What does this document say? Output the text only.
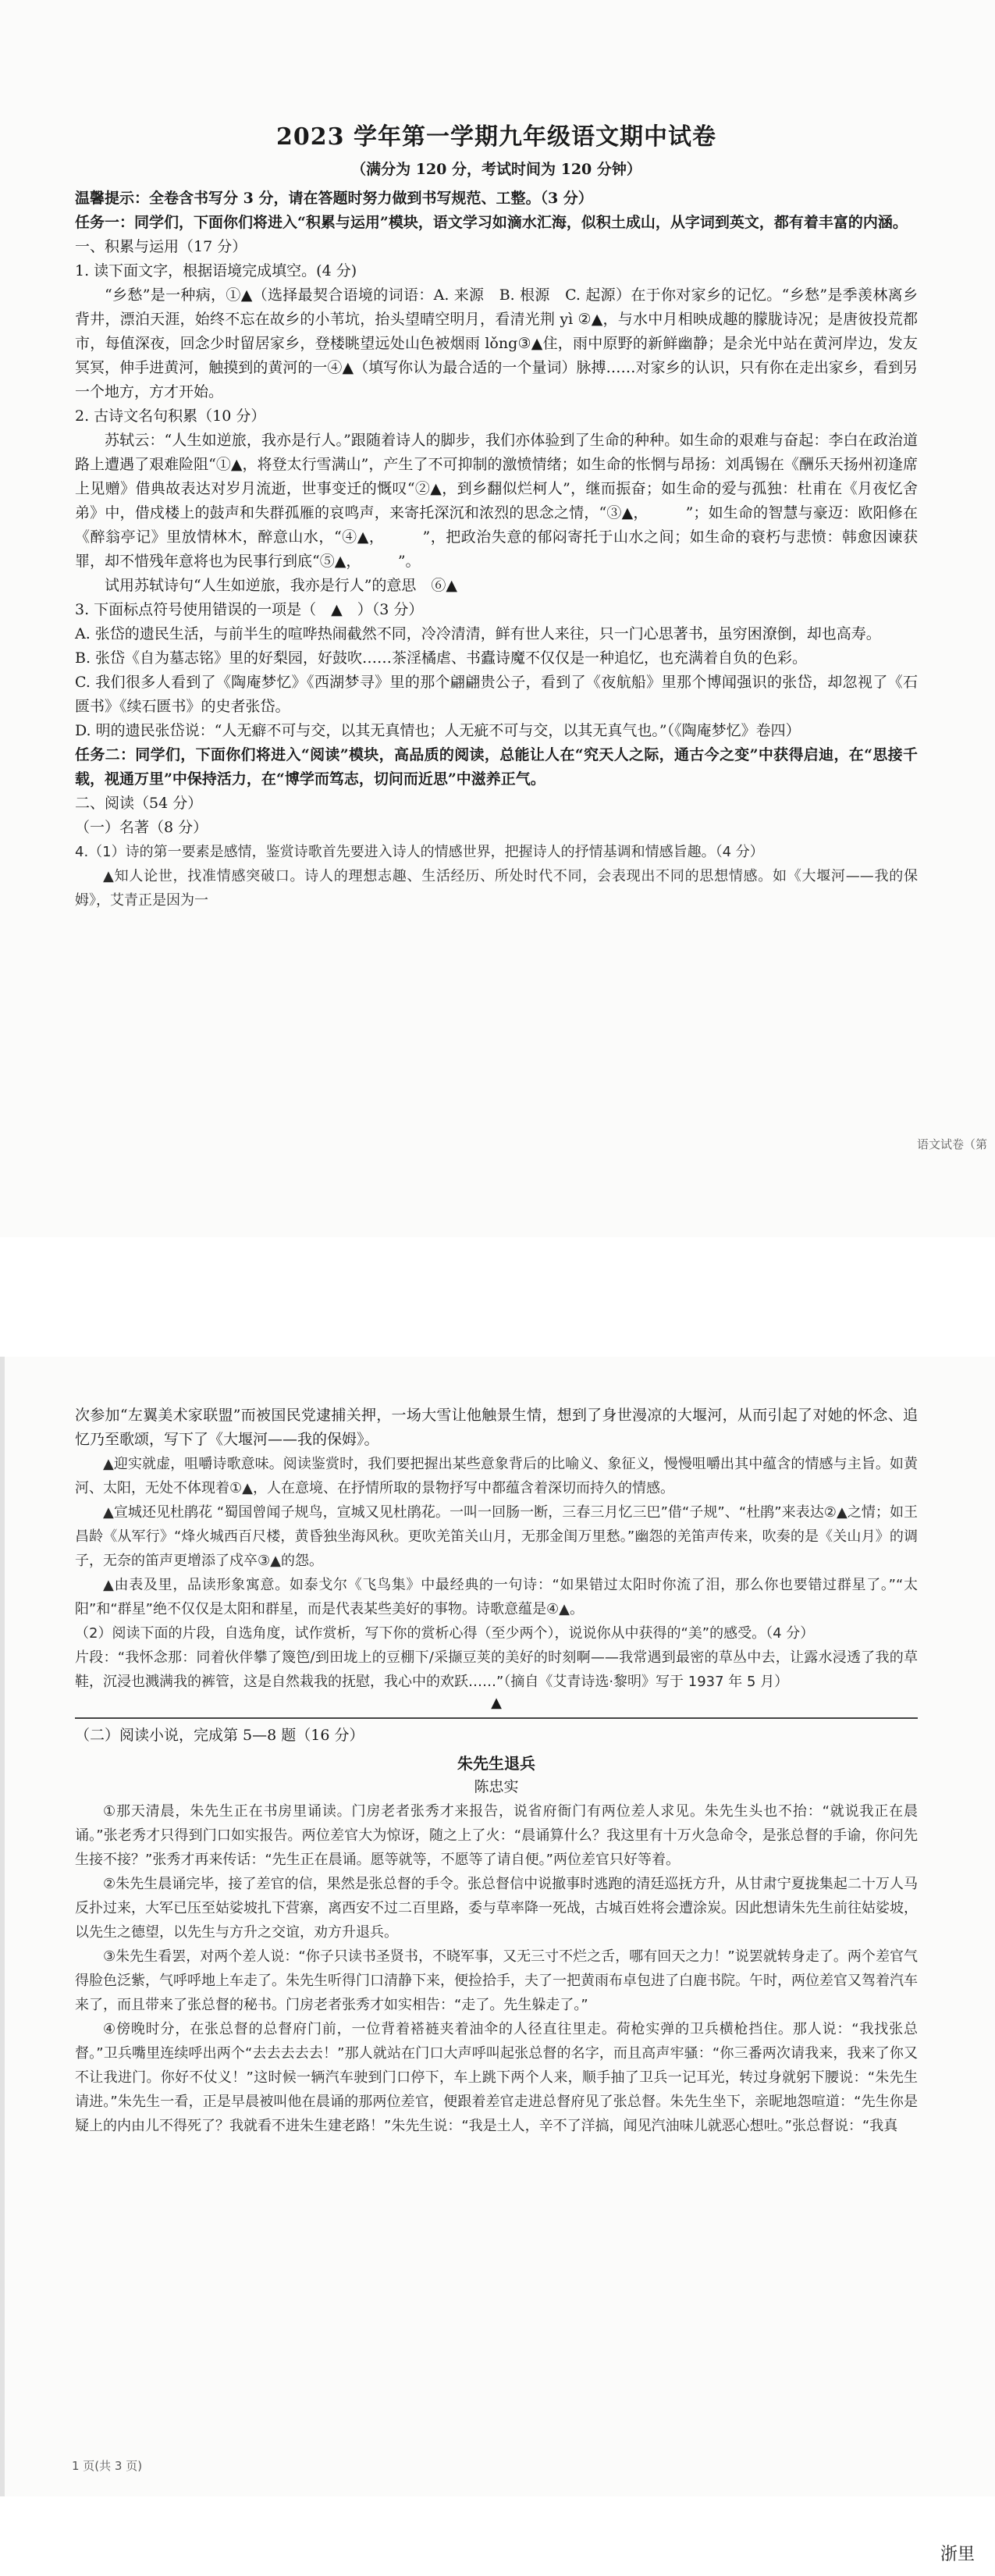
2023 学年第一学期九年级语文期中试卷
（满分为 120 分，考试时间为 120 分钟）

温馨提示：全卷含书写分 3 分，请在答题时努力做到书写规范、工整。（3 分）

任务一：同学们，下面你们将进入“积累与运用”模块，语文学习如滴水汇海，似积土成山，从字词到英文，都有着丰富的内涵。

一、积累与运用（17 分）

1. 读下面文字，根据语境完成填空。(4 分)

“乡愁”是一种病，①▲（选择最契合语境的词语：A. 来源　B. 根源　C. 起源）在于你对家乡的记忆。“乡愁”是季羡林离乡背井，漂泊天涯，始终不忘在故乡的小苇坑，抬头望晴空明月，看清光荆 yì ②▲，与水中月相映成趣的朦胧诗况；是唐彼投荒都市，每值深夜，回念少时留居家乡，登楼眺望远处山色被烟雨 lǒng③▲住，雨中原野的新鲜幽静；是余光中站在黄河岸边，发友冥冥，伸手进黄河，触摸到的黄河的一④▲（填写你认为最合适的一个量词）脉搏……对家乡的认识，只有你在走出家乡，看到另一个地方，方才开始。

2. 古诗文名句积累（10 分）

苏轼云：“人生如逆旅，我亦是行人。”跟随着诗人的脚步，我们亦体验到了生命的种种。如生命的艰难与奋起：李白在政治道路上遭遇了艰难险阻“①▲，将登太行雪满山”，产生了不可抑制的激愤情绪；如生命的怅惘与昂扬：刘禹锡在《酬乐天扬州初逢席上见赠》借典故表达对岁月流逝，世事变迁的慨叹“②▲，到乡翻似烂柯人”，继而振奋；如生命的爱与孤独：杜甫在《月夜忆舍弟》中，借戍楼上的鼓声和失群孤雁的哀鸣声，来寄托深沉和浓烈的思念之情，“③▲，　　　”；如生命的智慧与豪迈：欧阳修在《醉翁亭记》里放情林木，醉意山水，“④▲，　　　”，把政治失意的郁闷寄托于山水之间；如生命的衰朽与悲愤：韩愈因谏获罪，却不惜残年意将也为民事行到底“⑤▲，　　　”。

试用苏轼诗句“人生如逆旅，我亦是行人”的意思　⑥▲

3. 下面标点符号使用错误的一项是（　▲　）（3 分）

A. 张岱的遗民生活，与前半生的喧哗热闹截然不同，冷冷清清，鲜有世人来往，只一门心思著书，虽穷困潦倒，却也高寿。

B. 张岱《自为墓志铭》里的好梨园，好鼓吹……茶淫橘虐、书蠹诗魔不仅仅是一种追忆，也充满着自负的色彩。

C. 我们很多人看到了《陶庵梦忆》《西湖梦寻》里的那个翩翩贵公子，看到了《夜航船》里那个博闻强识的张岱，却忽视了《石匮书》《续石匮书》的史者张岱。

D. 明的遗民张岱说：“人无癖不可与交，以其无真情也；人无疵不可与交，以其无真气也。”（《陶庵梦忆》卷四）

任务二：同学们，下面你们将进入“阅读”模块，高品质的阅读，总能让人在“究天人之际，通古今之变”中获得启迪，在“思接千载，视通万里”中保持活力，在“博学而笃志，切问而近思”中滋养正气。

二、阅读（54 分）

（一）名著（8 分）

4.（1）诗的第一要素是感情，鉴赏诗歌首先要进入诗人的情感世界，把握诗人的抒情基调和情感旨趣。（4 分）

▲知人论世，找准情感突破口。诗人的理想志趣、生活经历、所处时代不同，会表现出不同的思想情感。如《大堰河——我的保姆》，艾青正是因为一

语文试卷（第

次参加“左翼美术家联盟”而被国民党逮捕关押，一场大雪让他触景生情，想到了身世漫凉的大堰河，从而引起了对她的怀念、追忆乃至歌颂，写下了《大堰河——我的保姆》。

▲迎实就虚，咀嚼诗歌意味。阅读鉴赏时，我们要把握出某些意象背后的比喻义、象征义，慢慢咀嚼出其中蕴含的情感与主旨。如黄河、太阳，无处不体现着①▲，人在意境、在抒情所取的景物抒写中都蕴含着深切而持久的情感。

▲宣城还见杜鹃花 “蜀国曾闻子规鸟，宣城又见杜鹃花。一叫一回肠一断，三春三月忆三巴”借“子规”、“杜鹃”来表达②▲之情；如王昌龄《从军行》“烽火城西百尺楼，黄昏独坐海风秋。更吹羌笛关山月，无那金闺万里愁。”幽怨的羌笛声传来，吹奏的是《关山月》的调子，无奈的笛声更增添了戍卒③▲的怨。

▲由表及里，品读形象寓意。如泰戈尔《飞鸟集》中最经典的一句诗：“如果错过太阳时你流了泪，那么你也要错过群星了。”“太阳”和“群星”绝不仅仅是太阳和群星，而是代表某些美好的事物。诗歌意蕴是④▲。

（2）阅读下面的片段，自选角度，试作赏析，写下你的赏析心得（至少两个），说说你从中获得的“美”的感受。（4 分）

片段：“我怀念那：同着伙伴攀了篾笆/到田垅上的豆棚下/采撷豆荚的美好的时刻啊——我常遇到最密的草丛中去，让露水浸透了我的草鞋，沉浸也溅满我的裤管，这是自然栽我的抚慰，我心中的欢跃……”（摘自《艾青诗选·黎明》写于 1937 年 5 月）

▲

（二）阅读小说，完成第 5—8 题（16 分）

朱先生退兵
陈忠实

①那天清晨，朱先生正在书房里诵读。门房老者张秀才来报告，说省府衙门有两位差人求见。朱先生头也不抬：“就说我正在晨诵。”张老秀才只得到门口如实报告。两位差官大为惊讶，随之上了火：“晨诵算什么？我这里有十万火急命令，是张总督的手谕，你问先生接不接？”张秀才再来传话：“先生正在晨诵。愿等就等，不愿等了请自便。”两位差官只好等着。

②朱先生晨诵完毕，接了差官的信，果然是张总督的手令。张总督信中说撤事时逃跑的清廷巡抚方升，从甘肃宁夏拢集起二十万人马反扑过来，大军已压至姑娑坡扎下营寨，离西安不过二百里路，委与草率降一死战，古城百姓将会遭涂炭。因此想请朱先生前往姑娑坡，以先生之德望，以先生与方升之交谊，劝方升退兵。

③朱先生看罢，对两个差人说：“你子只读书圣贤书，不晓军事，又无三寸不烂之舌，哪有回天之力！”说罢就转身走了。两个差官气得脸色泛紫，气呼呼地上车走了。朱先生听得门口清静下来，便捡拾手，夫了一把黄雨布卓包进了白鹿书院。午时，两位差官又驾着汽车来了，而且带来了张总督的秘书。门房老者张秀才如实相告：“走了。先生躲走了。”

④傍晚时分，在张总督的总督府门前，一位背着褡裢夹着油伞的人径直往里走。荷枪实弹的卫兵横枪挡住。那人说：“我找张总督。”卫兵嘴里连续呼出两个“去去去去去！”那人就站在门口大声呼叫起张总督的名字，而且高声牢骚：“你三番两次请我来，我来了你又不让我进门。你好不仗义！”这时候一辆汽车驶到门口停下，车上跳下两个人来，顺手抽了卫兵一记耳光，转过身就躬下腰说：“朱先生请进。”朱先生一看，正是早晨被叫他在晨诵的那两位差官，便跟着差官走进总督府见了张总督。朱先生坐下，亲昵地怨喧道：“先生你是疑上的内由儿不得死了？我就看不进朱生建老路！”朱先生说：“我是土人，辛不了洋搞，闻见汽油味儿就恶心想吐。”张总督说：“我真

1 页(共 3 页)
浙里
